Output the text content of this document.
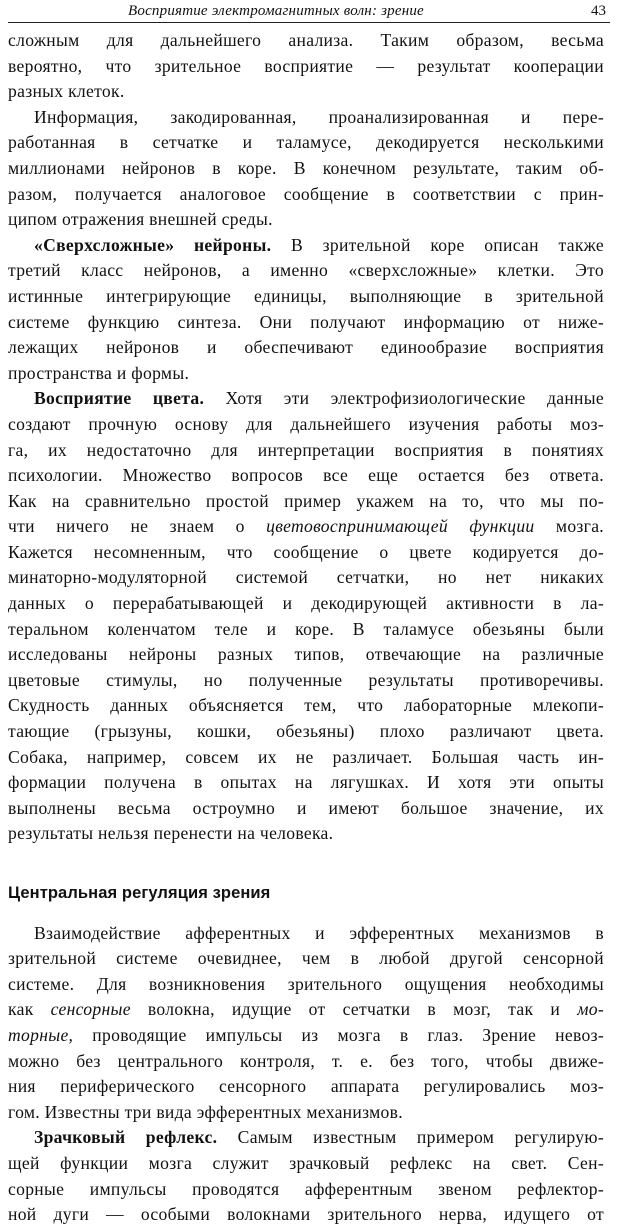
Восприятие электромагнитных волн: зрение	43
сложным для дальнейшего анализа. Таким образом, весьма
вероятно, что зрительное восприятие — результат кооперации
разных клеток.
Информация, закодированная, проанализированная и пере-
работанная в сетчатке и таламусе, декодируется несколькими
миллионами нейронов в коре. В конечном результате, таким об-
разом, получается аналоговое сообщение в соответствии с прин-
ципом отражения внешней среды.
«Сверхсложные» нейроны. В зрительной коре описан также
третий класс нейронов, а именно «сверхсложные» клетки. Это
истинные интегрирующие единицы, выполняющие в зрительной
системе функцию синтеза. Они получают информацию от ниже-
лежащих нейронов и обеспечивают единообразие восприятия
пространства и формы.
Восприятие цвета. Хотя эти электрофизиологические данные
создают прочную основу для дальнейшего изучения работы моз-
га, их недостаточно для интерпретации восприятия в понятиях
психологии. Множество вопросов все еще остается без ответа.
Как на сравнительно простой пример укажем на то, что мы по-
чти ничего не знаем о цветовоспринимающей функции мозга.
Кажется несомненным, что сообщение о цвете кодируется до-
минаторно-модуляторной системой сетчатки, но нет никаких
данных о перерабатывающей и декодирующей активности в ла-
теральном коленчатом теле и коре. В таламусе обезьяны были
исследованы нейроны разных типов, отвечающие на различные
цветовые стимулы, но полученные результаты противоречивы.
Скудность данных объясняется тем, что лабораторные млекопи-
тающие (грызуны, кошки, обезьяны) плохо различают цвета.
Собака, например, совсем их не различает. Большая часть ин-
формации получена в опытах на лягушках. И хотя эти опыты
выполнены весьма остроумно и имеют большое значение, их
результаты нельзя перенести на человека.
Центральная регуляция зрения
Взаимодействие афферентных и эфферентных механизмов в
зрительной системе очевиднее, чем в любой другой сенсорной
системе. Для возникновения зрительного ощущения необходимы
как сенсорные волокна, идущие от сетчатки в мозг, так и мо-
торные, проводящие импульсы из мозга в глаз. Зрение невоз-
можно без центрального контроля, т. е. без того, чтобы движе-
ния периферического сенсорного аппарата регулировались моз-
гом. Известны три вида эфферентных механизмов.
Зрачковый рефлекс. Самым известным примером регулирую-
щей функции мозга служит зрачковый рефлекс на свет. Сен-
сорные импульсы проводятся афферентным звеном рефлектор-
ной дуги — особыми волокнами зрительного нерва, идущего от
